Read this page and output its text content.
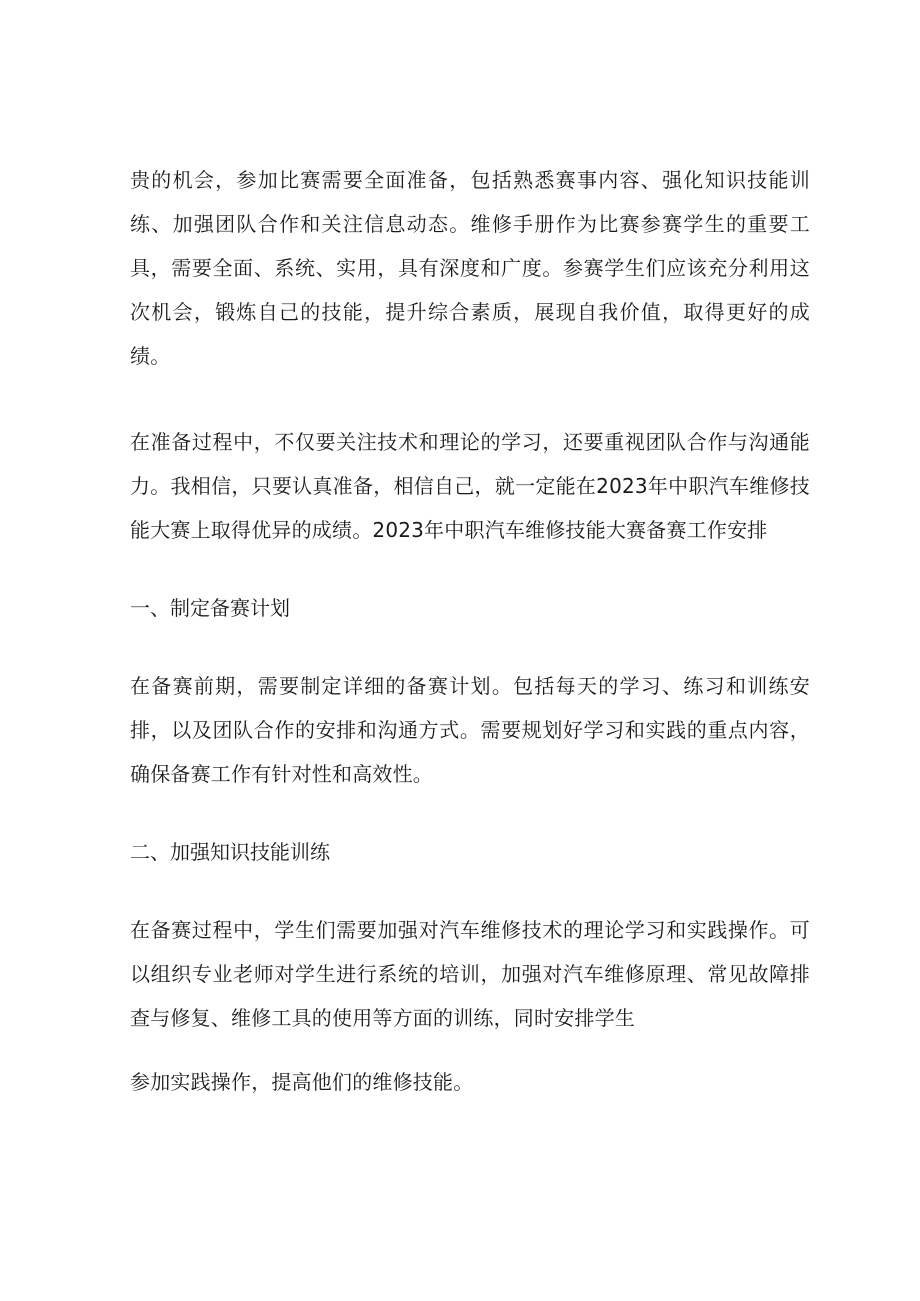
贵的机会，参加比赛需要全面准备，包括熟悉赛事内容、强化知识技能训练、加强团队合作和关注信息动态。维修手册作为比赛参赛学生的重要工具，需要全面、系统、实用，具有深度和广度。参赛学生们应该充分利用这次机会，锻炼自己的技能，提升综合素质，展现自我价值，取得更好的成绩。

在准备过程中，不仅要关注技术和理论的学习，还要重视团队合作与沟通能力。我相信，只要认真准备，相信自己，就一定能在2023年中职汽车维修技能大赛上取得优异的成绩。2023年中职汽车维修技能大赛备赛工作安排

一、制定备赛计划

在备赛前期，需要制定详细的备赛计划。包括每天的学习、练习和训练安排，以及团队合作的安排和沟通方式。需要规划好学习和实践的重点内容，确保备赛工作有针对性和高效性。

二、加强知识技能训练

在备赛过程中，学生们需要加强对汽车维修技术的理论学习和实践操作。可以组织专业老师对学生进行系统的培训，加强对汽车维修原理、常见故障排查与修复、维修工具的使用等方面的训练，同时安排学生

参加实践操作，提高他们的维修技能。
